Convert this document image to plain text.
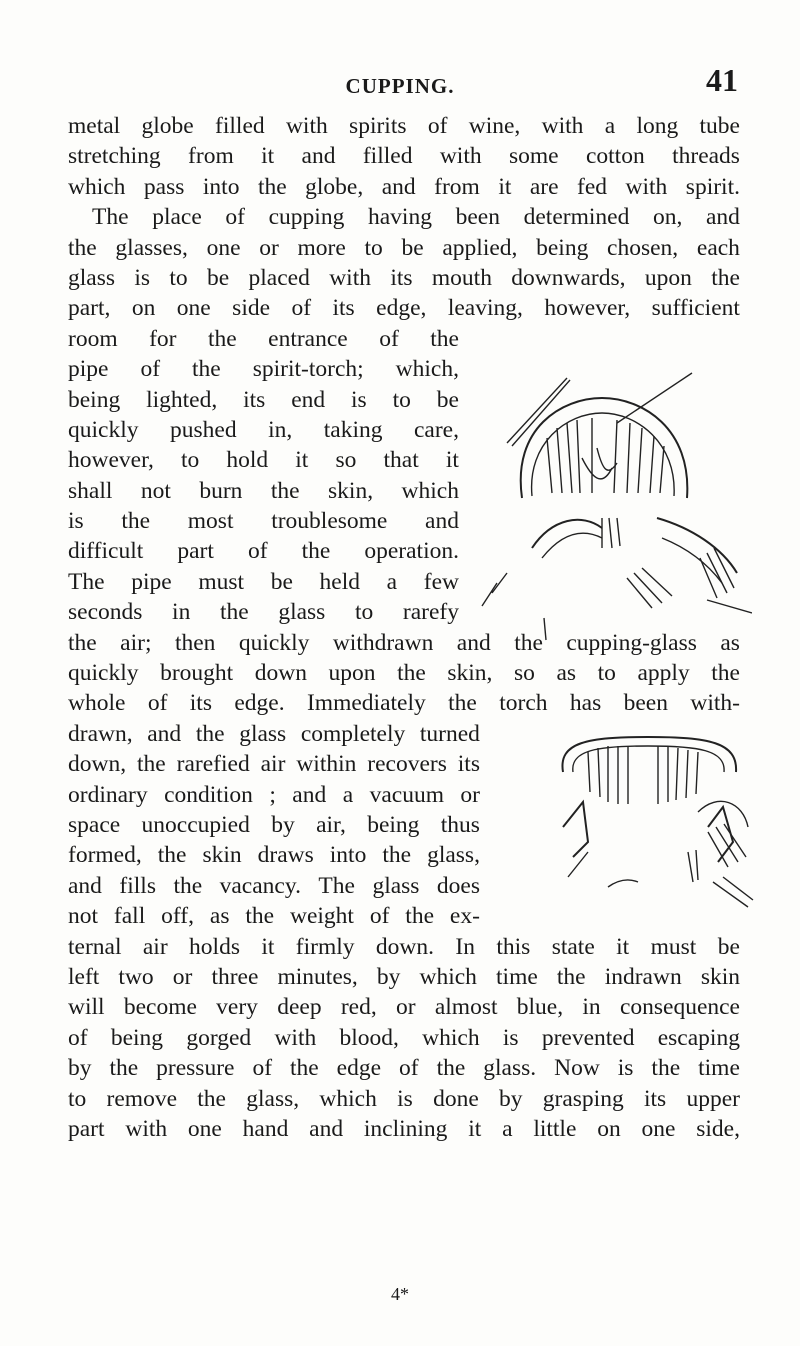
CUPPING.	41
metal globe filled with spirits of wine, with a long tube
stretching from it and filled with some cotton threads
which pass into the globe, and from it are fed with spirit.
The place of cupping having been determined on, and
the glasses, one or more to be applied, being chosen, each
glass is to be placed with its mouth downwards, upon the
part, on one side of its edge, leaving, however, sufficient
room for the entrance of the
pipe of the spirit-torch; which,
being lighted, its end is to be
quickly pushed in, taking care,
however, to hold it so that it
shall not burn the skin, which
is the most troublesome and
difficult part of the operation.
The pipe must be held a few
seconds in the glass to rarefy
the air; then quickly withdrawn and the cupping-glass as
quickly brought down upon the skin, so as to apply the
whole of its edge. Immediately the torch has been with-
drawn, and the glass completely turned
down, the rarefied air within recovers its
ordinary condition ; and a vacuum or
space unoccupied by air, being thus
formed, the skin draws into the glass,
and fills the vacancy. The glass does
not fall off, as the weight of the ex-
ternal air holds it firmly down. In this state it must be
left two or three minutes, by which time the indrawn skin
will become very deep red, or almost blue, in consequence
of being gorged with blood, which is prevented escaping
by the pressure of the edge of the glass. Now is the time
to remove the glass, which is done by grasping its upper
part with one hand and inclining it a little on one side,
4*
